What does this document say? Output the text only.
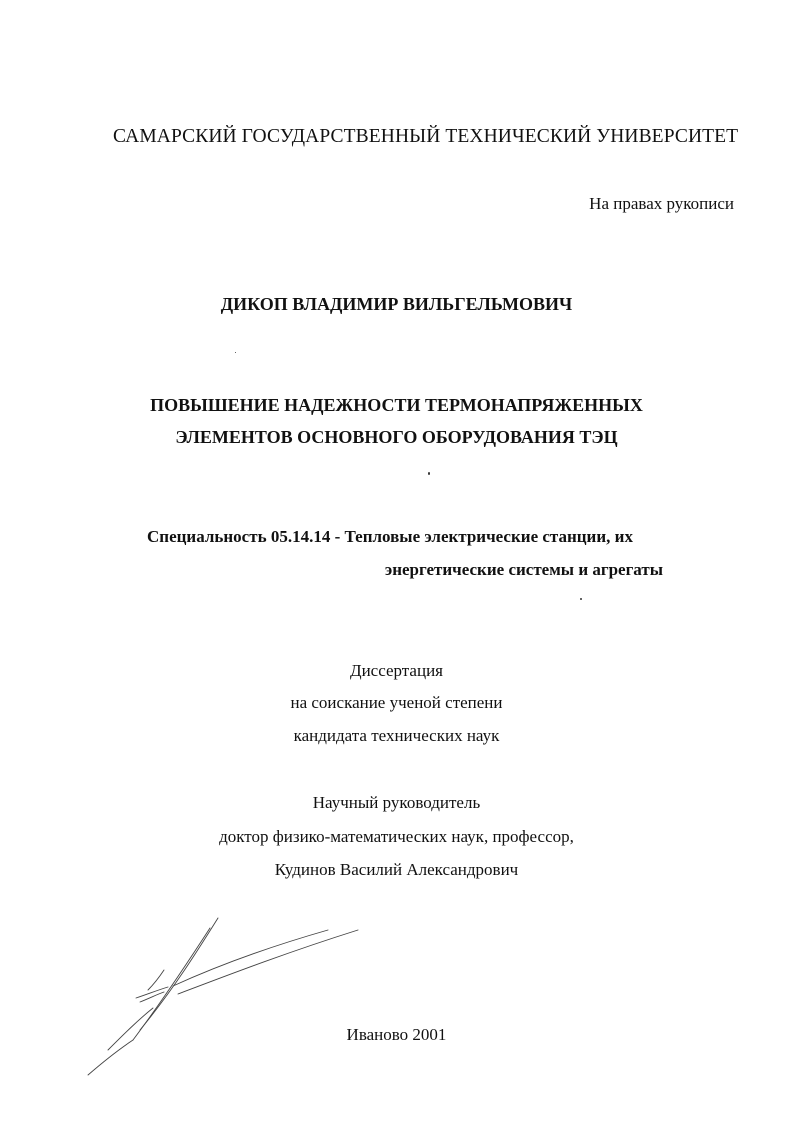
САМАРСКИЙ ГОСУДАРСТВЕННЫЙ ТЕХНИЧЕСКИЙ УНИВЕРСИТЕТ
На правах рукописи
ДИКОП ВЛАДИМИР ВИЛЬГЕЛЬМОВИЧ
ПОВЫШЕНИЕ НАДЕЖНОСТИ ТЕРМОНАПРЯЖЕННЫХ
ЭЛЕМЕНТОВ ОСНОВНОГО ОБОРУДОВАНИЯ ТЭЦ
Специальность 05.14.14 - Тепловые электрические станции, их
энергетические системы и агрегаты
Диссертация
на соискание ученой степени
кандидата технических наук
Научный руководитель
доктор физико-математических наук, профессор,
Кудинов Василий Александрович
Иваново 2001
